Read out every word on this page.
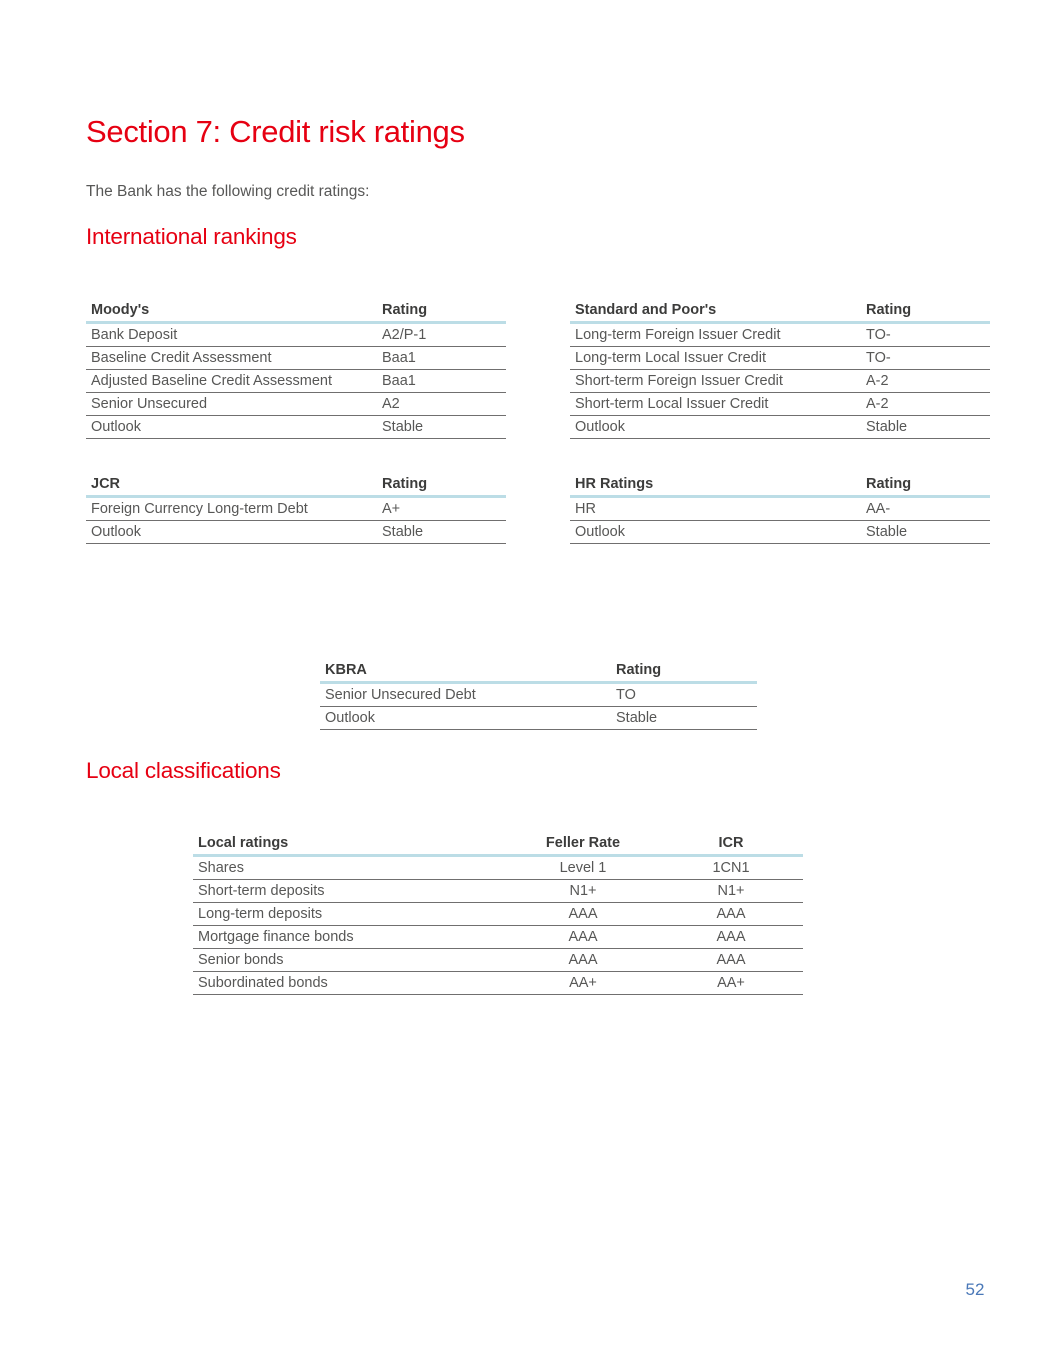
Section 7: Credit risk ratings

The Bank has the following credit ratings:

International rankings
Moody's	Rating
Bank Deposit	A2/P-1
Baseline Credit Assessment	Baa1
Adjusted Baseline Credit Assessment	Baa1
Senior Unsecured	A2
Outlook	Stable
Standard and Poor's	Rating
Long-term Foreign Issuer Credit	TO-
Long-term Local Issuer Credit	TO-
Short-term Foreign Issuer Credit	A-2
Short-term Local Issuer Credit	A-2
Outlook	Stable
JCR	Rating
Foreign Currency Long-term Debt	A+
Outlook	Stable
HR Ratings	Rating
HR	AA-
Outlook	Stable
KBRA	Rating
Senior Unsecured Debt	TO
Outlook	Stable
Local classifications
Local ratings	Feller Rate	ICR
Shares	Level 1	1CN1
Short-term deposits	N1+	N1+
Long-term deposits	AAA	AAA
Mortgage finance bonds	AAA	AAA
Senior bonds	AAA	AAA
Subordinated bonds	AA+	AA+
52
